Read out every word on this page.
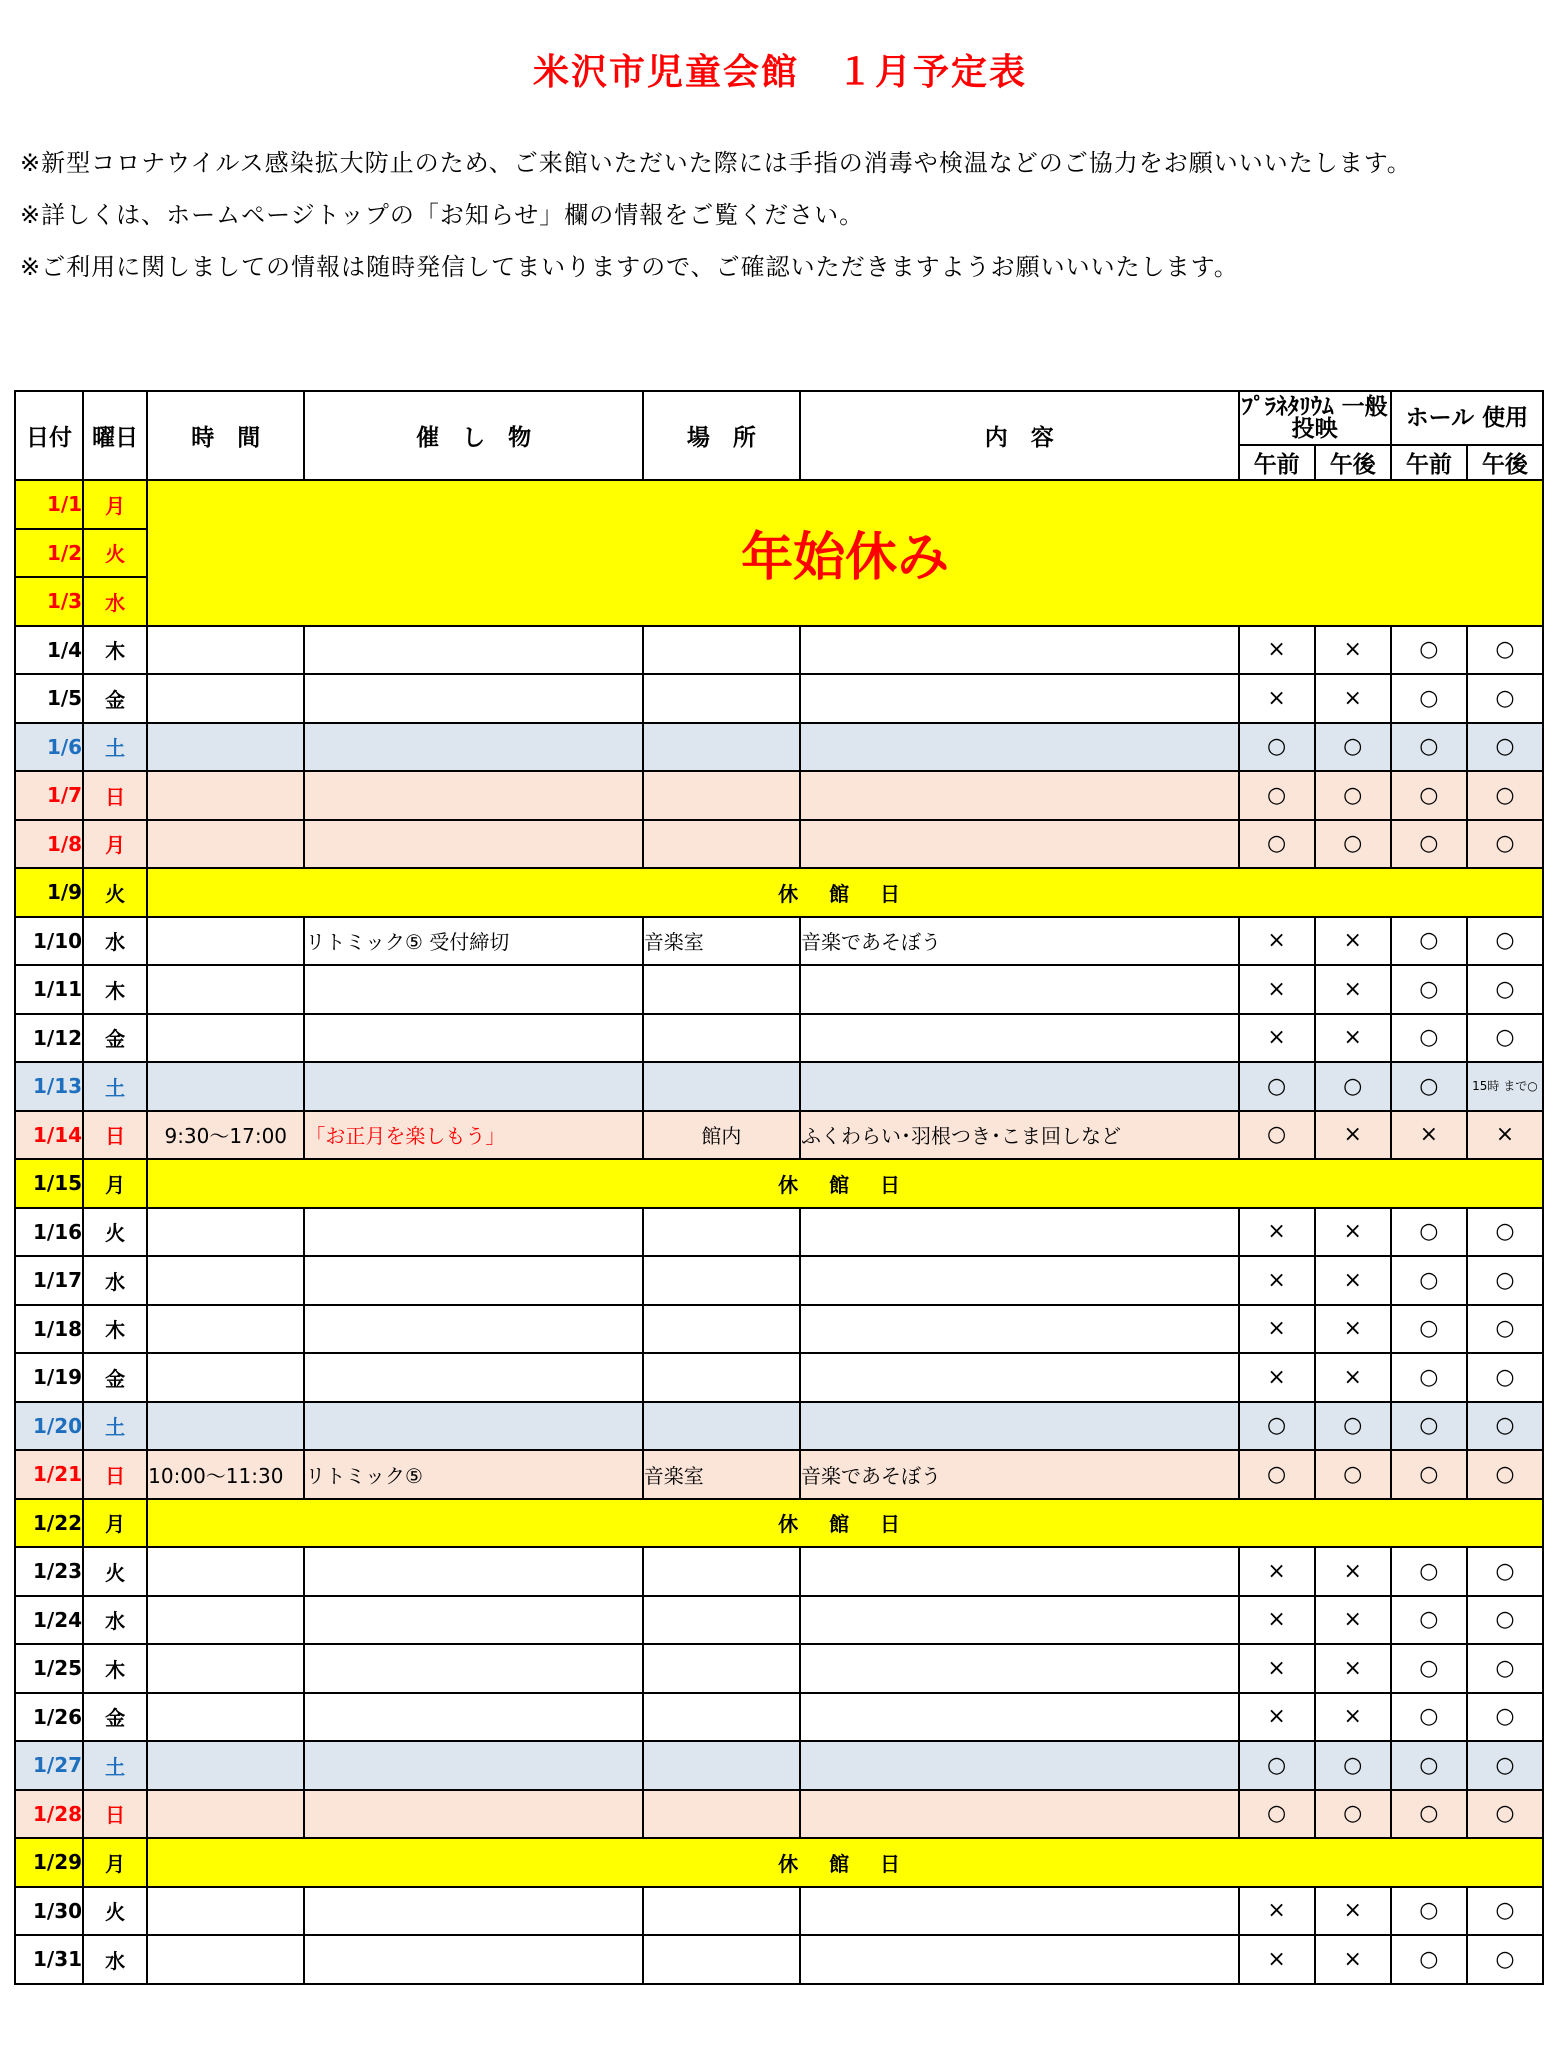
米沢市児童会館　１月予定表

※新型コロナウイルス感染拡大防止のため、ご来館いただいた際には手指の消毒や検温などのご協力をお願いいいたします。

※詳しくは、ホームページトップの「お知らせ」欄の情報をご覧ください。

※ご利用に関しましての情報は随時発信してまいりますので、ご確認いただきますようお願いいいたします。

日付	曜日	時　間	催　し　物	場　所	内　容	ﾌﾟﾗﾈﾀﾘｳﾑ 一般投映		ホール 使用	
						午前	午後	午前	午後
1/1	月	年始休み							
1/2	火								
1/3	水								
1/4	木					×	×	○	○
1/5	金					×	×	○	○
1/6	土					○	○	○	○
1/7	日					○	○	○	○
1/8	月					○	○	○	○
1/9	火	休 館 日							
1/10	水		リトミック⑤ 受付締切	音楽室	音楽であそぼう	×	×	○	○
1/11	木					×	×	○	○
1/12	金					×	×	○	○
1/13	土					○	○	○	15時 まで○
1/14	日	9:30～17:00	「お正月を楽しもう」	館内	ふくわらい･羽根つき･こま回しなど	○	×	×	×
1/15	月	休 館 日							
1/16	火					×	×	○	○
1/17	水					×	×	○	○
1/18	木					×	×	○	○
1/19	金					×	×	○	○
1/20	土					○	○	○	○
1/21	日	10:00～11:30	リトミック⑤	音楽室	音楽であそぼう	○	○	○	○
1/22	月	休 館 日							
1/23	火					×	×	○	○
1/24	水					×	×	○	○
1/25	木					×	×	○	○
1/26	金					×	×	○	○
1/27	土					○	○	○	○
1/28	日					○	○	○	○
1/29	月	休 館 日							
1/30	火					×	×	○	○
1/31	水					×	×	○	○
